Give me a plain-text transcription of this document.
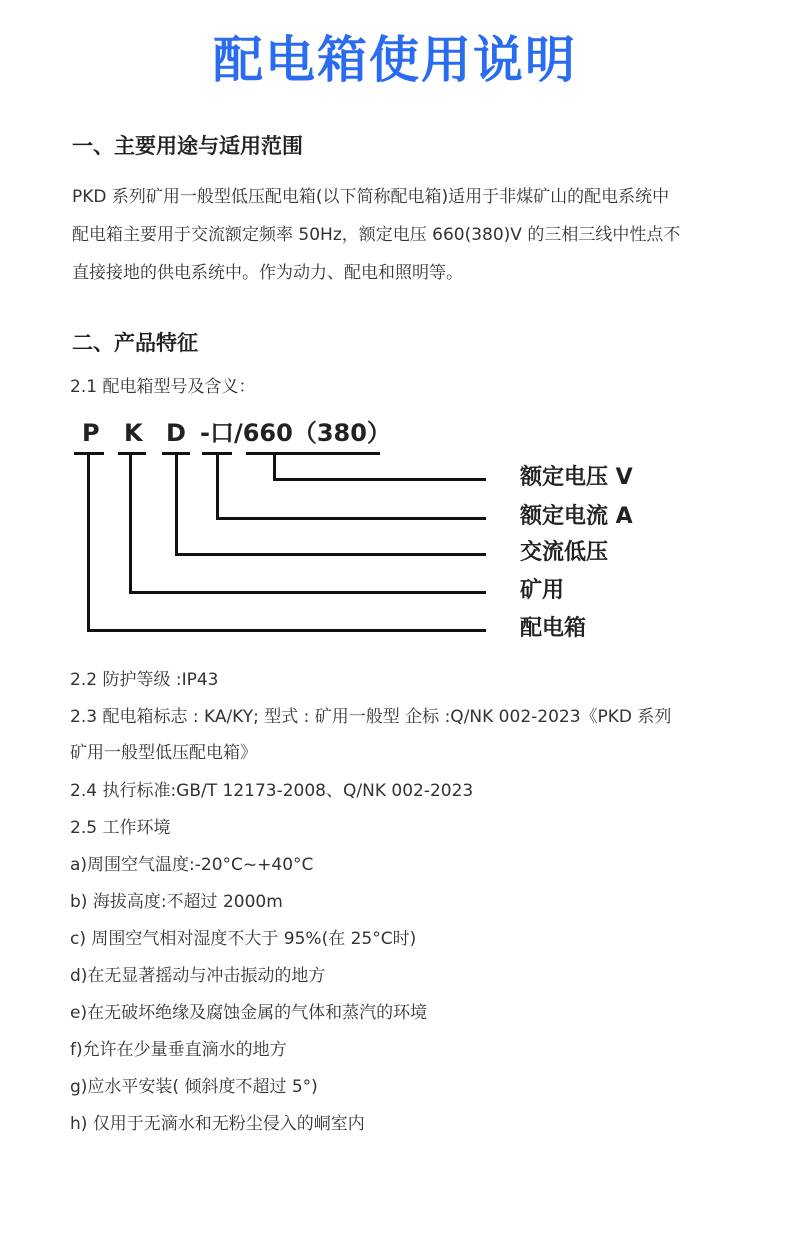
配电箱使用说明
一、主要用途与适用范围
PKD 系列矿用一般型低压配电箱(以下简称配电箱)适用于非煤矿山的配电系统中
配电箱主要用于交流额定频率 50Hz，额定电压 660(380)V 的三相三线中性点不
直接接地的供电系统中。作为动力、配电和照明等。
二、产品特征
2.1 配电箱型号及含义：
P K D -口/660（380）
额定电压 V
额定电流 A
交流低压
矿用
配电箱
2.2 防护等级 :IP43
2.3 配电箱标志 : KA/KY; 型式 : 矿用一般型 企标 :Q/NK 002-2023《PKD 系列
矿用一般型低压配电箱》
2.4 执行标准:GB/T 12173-2008、Q/NK 002-2023
2.5 工作环境
a)周围空气温度:-20°C~+40°C
b) 海拔高度:不超过 2000m
c) 周围空气相对湿度不大于 95%(在 25°C时)
d)在无显著摇动与冲击振动的地方
e)在无破坏绝缘及腐蚀金属的气体和蒸汽的环境
f)允许在少量垂直滴水的地方
g)应水平安装( 倾斜度不超过 5°)
h) 仅用于无滴水和无粉尘侵入的峒室内
